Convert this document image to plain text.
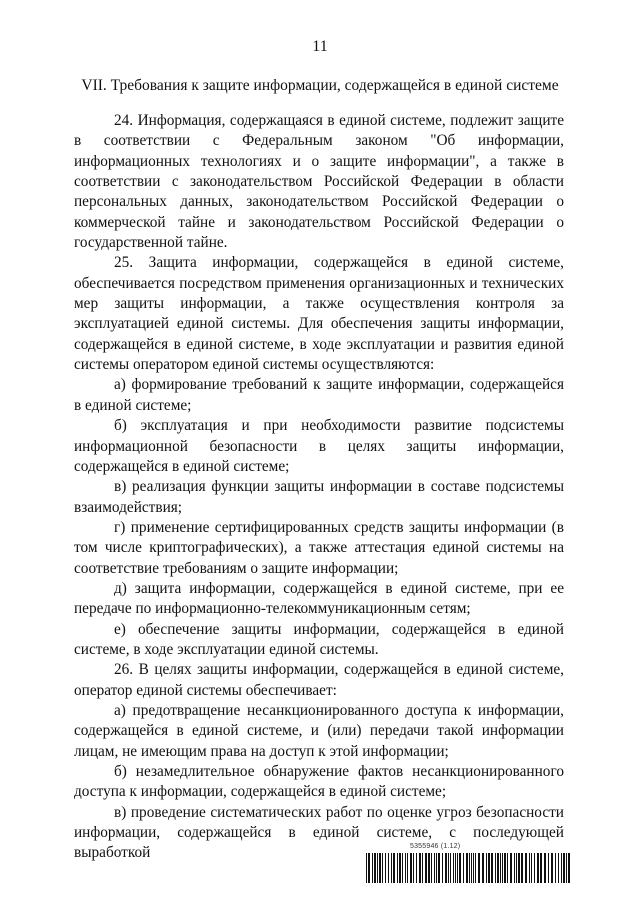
11
VII. Требования к защите информации, содержащейся в единой системе

24. Информация, содержащаяся в единой системе, подлежит защите в соответствии с Федеральным законом "Об информации, информационных технологиях и о защите информации", а также в соответствии с законодательством Российской Федерации в области персональных данных, законодательством Российской Федерации о коммерческой тайне и законодательством Российской Федерации о государственной тайне.

25. Защита информации, содержащейся в единой системе, обеспечивается посредством применения организационных и технических мер защиты информации, а также осуществления контроля за эксплуатацией единой системы. Для обеспечения защиты информации, содержащейся в единой системе, в ходе эксплуатации и развития единой системы оператором единой системы осуществляются:

а) формирование требований к защите информации, содержащейся в единой системе;

б) эксплуатация и при необходимости развитие подсистемы информационной безопасности в целях защиты информации, содержащейся в единой системе;

в) реализация функции защиты информации в составе подсистемы взаимодействия;

г) применение сертифицированных средств защиты информации (в том числе криптографических), а также аттестация единой системы на соответствие требованиям о защите информации;

д) защита информации, содержащейся в единой системе, при ее передаче по информационно-телекоммуникационным сетям;

е) обеспечение защиты информации, содержащейся в единой системе, в ходе эксплуатации единой системы.

26. В целях защиты информации, содержащейся в единой системе, оператор единой системы обеспечивает:

а) предотвращение несанкционированного доступа к информации, содержащейся в единой системе, и (или) передачи такой информации лицам, не имеющим права на доступ к этой информации;

б) незамедлительное обнаружение фактов несанкционированного доступа к информации, содержащейся в единой системе;

в) проведение систематических работ по оценке угроз безопасности информации, содержащейся в единой системе, с последующей выработкой	5355946 (1.12)
